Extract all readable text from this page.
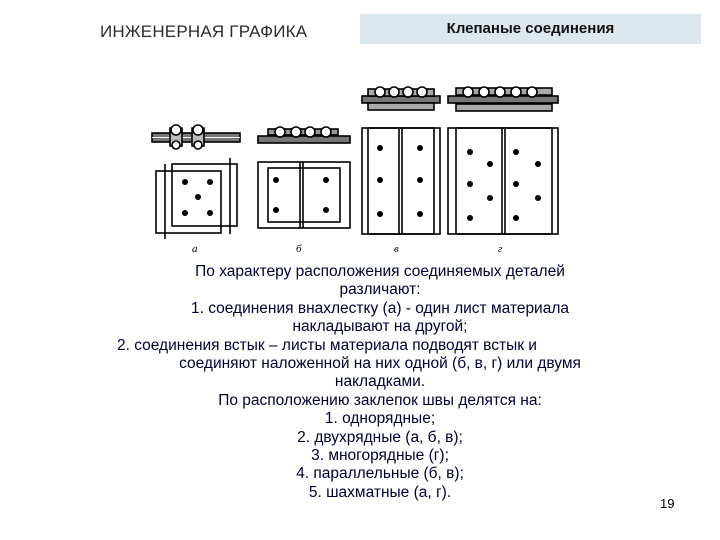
ИНЖЕНЕРНАЯ ГРАФИКА	Клепаные соединения
а	б	в	г
По характеру расположения соединяемых деталей
различают:
1. соединения внахлестку (а) - один лист материала
накладывают на другой;
2. соединения встык – листы материала подводят встык и
соединяют наложенной на них одной (б, в, г) или двумя
накладками.
По расположению заклепок швы делятся на:
1. однорядные;
2. двухрядные (а, б, в);
3. многорядные (г);
4. параллельные (б, в);
5. шахматные (а, г).
19
